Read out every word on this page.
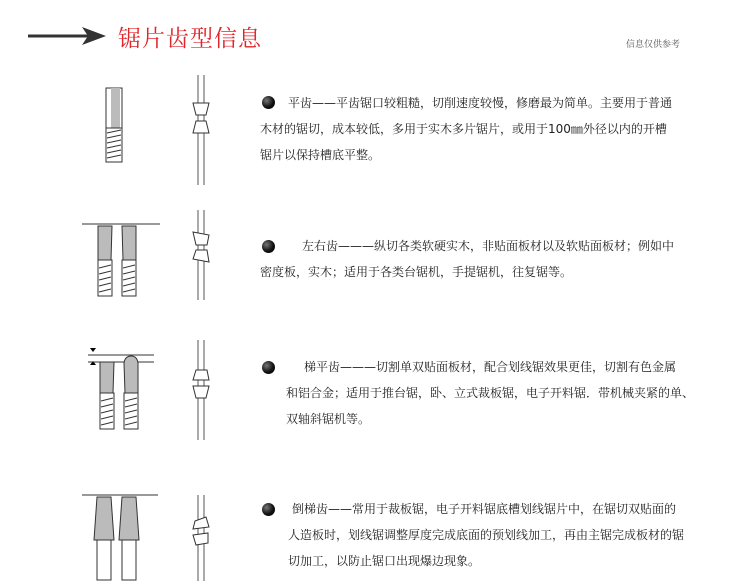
锯片齿型信息	信息仅供参考
平齿——平齿锯口较粗糙，切削速度较慢，修磨最为简单。主要用于普通
木材的锯切，成本较低，多用于实木多片锯片，或用于100㎜外径以内的开槽
锯片以保持槽底平整。
左右齿———纵切各类软硬实木，非贴面板材以及软贴面板材；例如中
密度板，实木；适用于各类台锯机，手提锯机，往复锯等。
梯平齿———切割单双贴面板材，配合划线锯效果更佳，切割有色金属
和铝合金；适用于推台锯，卧、立式裁板锯，电子开料锯．带机械夹紧的单、
双轴斜锯机等。
倒梯齿——常用于裁板锯，电子开料锯底槽划线锯片中，在锯切双贴面的
人造板时，划线锯调整厚度完成底面的预划线加工，再由主锯完成板材的锯
切加工，以防止锯口出现爆边现象。
